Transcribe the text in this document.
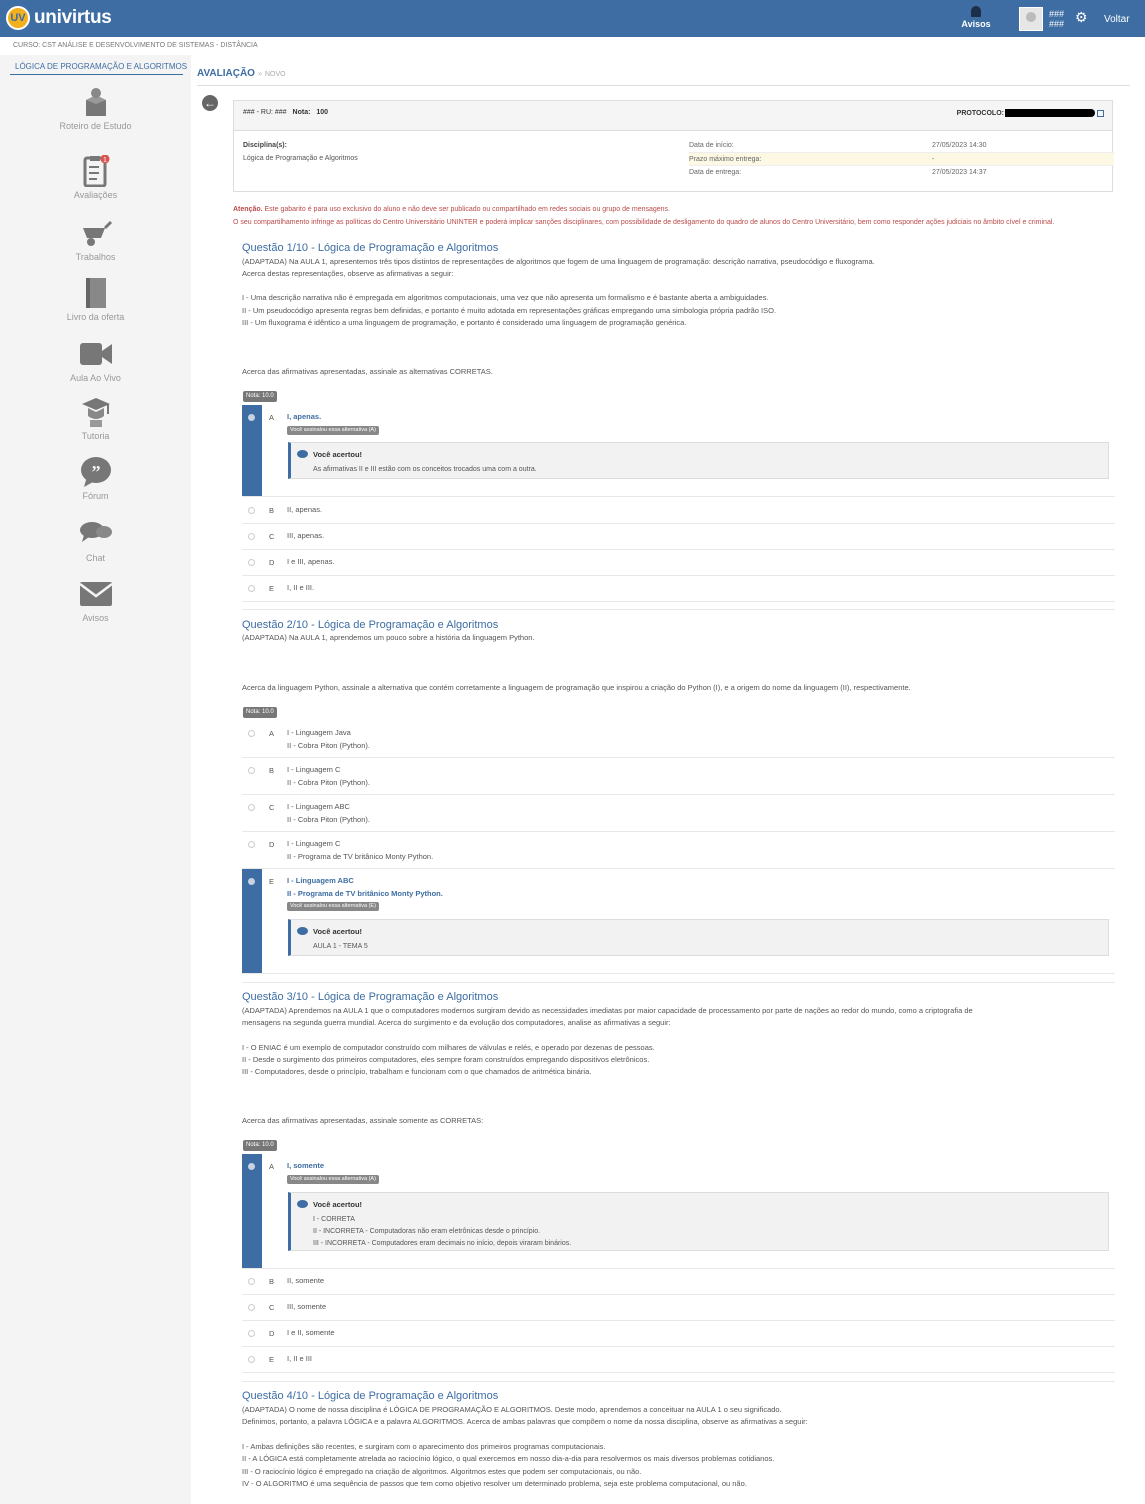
UV univirtus	Avisos
###
### ⚙ Voltar
CURSO: CST ANÁLISE E DESENVOLVIMENTO DE SISTEMAS - DISTÂNCIA
LÓGICA DE PROGRAMAÇÃO E ALGORITMOS
Roteiro de Estudo
1
Avaliações
Trabalhos
Livro da oferta
Aula Ao Vivo
Tutoria
”
Fórum
Chat
Avisos
AVALIAÇÃO » NOVO
←
### - RU: ### Nota: 100	PROTOCOLO:
Disciplina(s):
Lógica de Programação e Algoritmos
Data de início:	27/05/2023 14:30
Prazo máximo entrega:	-
Data de entrega:	27/05/2023 14:37
Atenção. Este gabarito é para uso exclusivo do aluno e não deve ser publicado ou compartilhado em redes sociais ou grupo de mensagens.
O seu compartilhamento infringe as políticas do Centro Universitário UNINTER e poderá implicar sanções disciplinares, com possibilidade de desligamento do quadro de alunos do Centro Universitário, bem como responder ações judiciais no âmbito cível e criminal.
Questão 1/10 - Lógica de Programação e Algoritmos
(ADAPTADA) Na AULA 1, apresentemos três tipos distintos de representações de algoritmos que fogem de uma linguagem de programação: descrição narrativa, pseudocódigo e fluxograma.
Acerca destas representações, observe as afirmativas a seguir:
I - Uma descrição narrativa não é empregada em algoritmos computacionais, uma vez que não apresenta um formalismo e é bastante aberta a ambiguidades.
II - Um pseudocódigo apresenta regras bem definidas, e portanto é muito adotada em representações gráficas empregando uma simbologia própria padrão ISO.
III - Um fluxograma é idêntico a uma linguagem de programação, e portanto é considerado uma linguagem de programação genérica.
Acerca das afirmativas apresentadas, assinale as alternativas CORRETAS.
Nota: 10.0
A I, apenas.
Você assinalou essa alternativa (A)
Você acertou!
As afirmativas II e III estão com os conceitos trocados uma com a outra.
B II, apenas.
C III, apenas.
D I e III, apenas.
E I, II e III.
Questão 2/10 - Lógica de Programação e Algoritmos
(ADAPTADA) Na AULA 1, aprendemos um pouco sobre a história da linguagem Python.
Acerca da linguagem Python, assinale a alternativa que contém corretamente a linguagem de programação que inspirou a criação do Python (I), e a origem do nome da linguagem (II), respectivamente.
Nota: 10.0
A I - Linguagem Java
II - Cobra Piton (Python).
B I - Linguagem C
II - Cobra Piton (Python).
C I - Linguagem ABC
II - Cobra Piton (Python).
D I - Linguagem C
II - Programa de TV britânico Monty Python.
E I - Linguagem ABC
II - Programa de TV britânico Monty Python.
Você assinalou essa alternativa (E)
Você acertou!
AULA 1 - TEMA 5
Questão 3/10 - Lógica de Programação e Algoritmos
(ADAPTADA) Aprendemos na AULA 1 que o computadores modernos surgiram devido as necessidades imediatas por maior capacidade de processamento por parte de nações ao redor do mundo, como a criptografia de
mensagens na segunda guerra mundial. Acerca do surgimento e da evolução dos computadores, analise as afirmativas a seguir:
I - O ENIAC é um exemplo de computador construído com milhares de válvulas e relés, e operado por dezenas de pessoas.
II - Desde o surgimento dos primeiros computadores, eles sempre foram construídos empregando dispositivos eletrônicos.
III - Computadores, desde o princípio, trabalham e funcionam com o que chamados de aritmética binária.
Acerca das afirmativas apresentadas, assinale somente as CORRETAS:
Nota: 10.0
A I, somente
Você assinalou essa alternativa (A)
Você acertou!
I - CORRETA
II - INCORRETA - Computadoras não eram eletrônicas desde o princípio.
III - INCORRETA - Computadores eram decimais no início, depois viraram binários.
B II, somente
C III, somente
D I e II, somente
E I, II e III
Questão 4/10 - Lógica de Programação e Algoritmos
(ADAPTADA) O nome de nossa disciplina é LÓGICA DE PROGRAMAÇÃO E ALGORITMOS. Deste modo, aprendemos a conceituar na AULA 1 o seu significado.
Definimos, portanto, a palavra LÓGICA e a palavra ALGORITMOS. Acerca de ambas palavras que compõem o nome da nossa disciplina, observe as afirmativas a seguir:
I - Ambas definições são recentes, e surgiram com o aparecimento dos primeiros programas computacionais.
II - A LÓGICA está completamente atrelada ao raciocínio lógico, o qual exercemos em nosso dia-a-dia para resolvermos os mais diversos problemas cotidianos.
III - O raciocínio lógico é empregado na criação de algoritmos. Algoritmos estes que podem ser computacionais, ou não.
IV - O ALGORITMO é uma sequência de passos que tem como objetivo resolver um determinado problema, seja este problema computacional, ou não.
